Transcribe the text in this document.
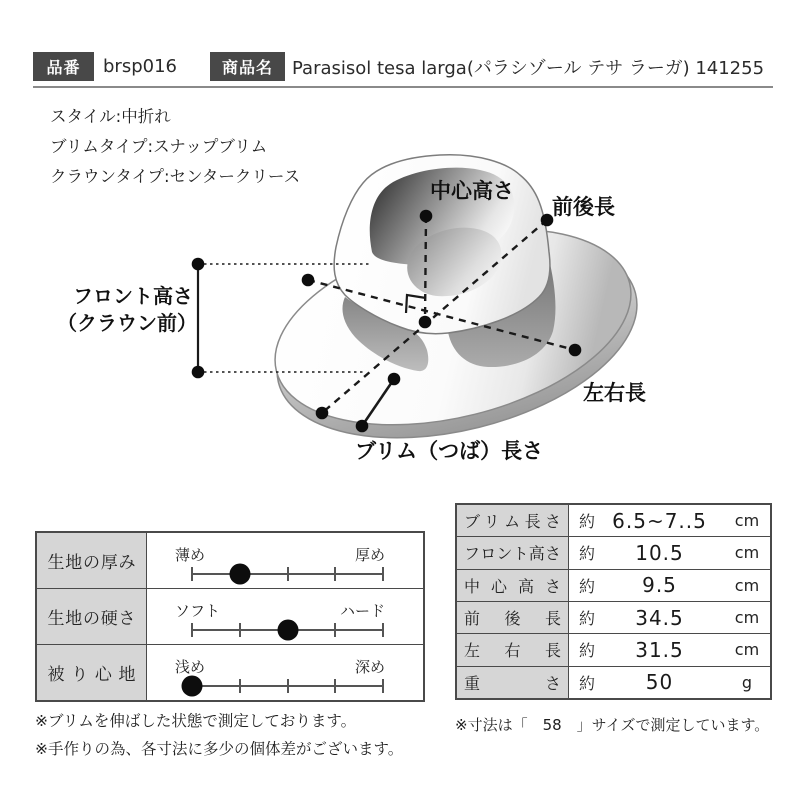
品番	brsp016	商品名	Parasisol tesa larga(パラシゾール テサ ラーガ) 141255
スタイル:中折れ
ブリムタイプ:スナップブリム
クラウンタイプ:センタークリース
中心高さ
前後長
フロント高さ
（クラウン前）
左右長
ブリム（つば）長さ
生地の厚み	薄め	厚め
生地の硬さ	ソフト	ハード
被り心地	浅め	深め
ブリム長さ 約 6.5~7..5	cm
フロント高さ 約	10.5	cm
中心高さ 約	9.5	cm
前後長 約	34.5	cm
左右長 約	31.5	cm
重さ 約	50	g
※ブリムを伸ばした状態で測定しております。
※手作りの為、各寸法に多少の個体差がございます。
※寸法は「　58　」サイズで測定しています。
